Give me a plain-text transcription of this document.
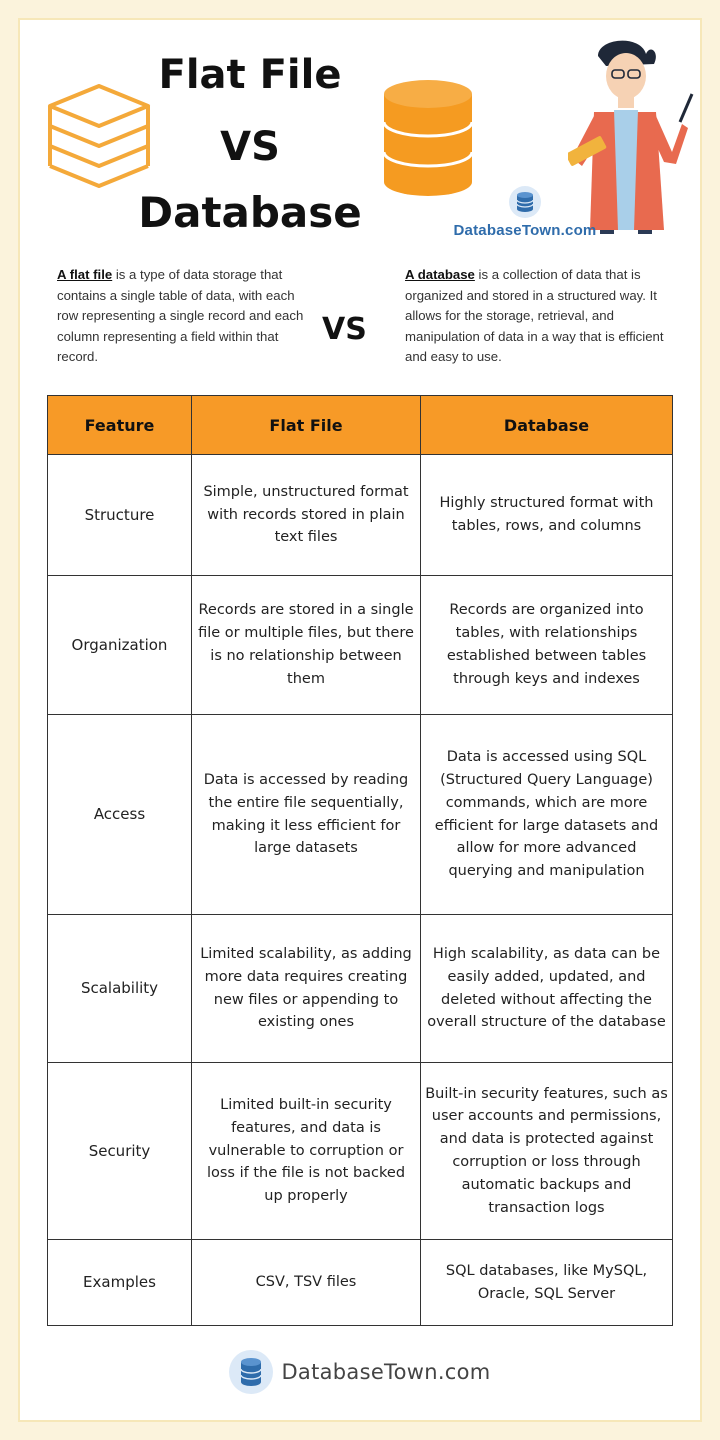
Flat File
VS
Database	DatabaseTown.com
A flat file is a type of data storage that contains a single table of data, with each row representing a single record and each column representing a field within that record.
VS
A database is a collection of data that is organized and stored in a structured way. It allows for the storage, retrieval, and manipulation of data in a way that is efficient and easy to use.
Feature	Flat File	Database
Structure	Simple, unstructured format with records stored in plain text files	Highly structured format with tables, rows, and columns
Organization	Records are stored in a single file or multiple files, but there is no relationship between them	Records are organized into tables, with relationships established between tables through keys and indexes
Access	Data is accessed by reading the entire file sequentially, making it less efficient for large datasets	Data is accessed using SQL (Structured Query Language) commands, which are more efficient for large datasets and allow for more advanced querying and manipulation
Scalability	Limited scalability, as adding more data requires creating new files or appending to existing ones	High scalability, as data can be easily added, updated, and deleted without affecting the overall structure of the database
Security	Limited built-in security features, and data is vulnerable to corruption or loss if the file is not backed up properly	Built-in security features, such as user accounts and permissions, and data is protected against corruption or loss through automatic backups and transaction logs
Examples	CSV, TSV files	SQL databases, like MySQL, Oracle, SQL Server
DatabaseTown.com
